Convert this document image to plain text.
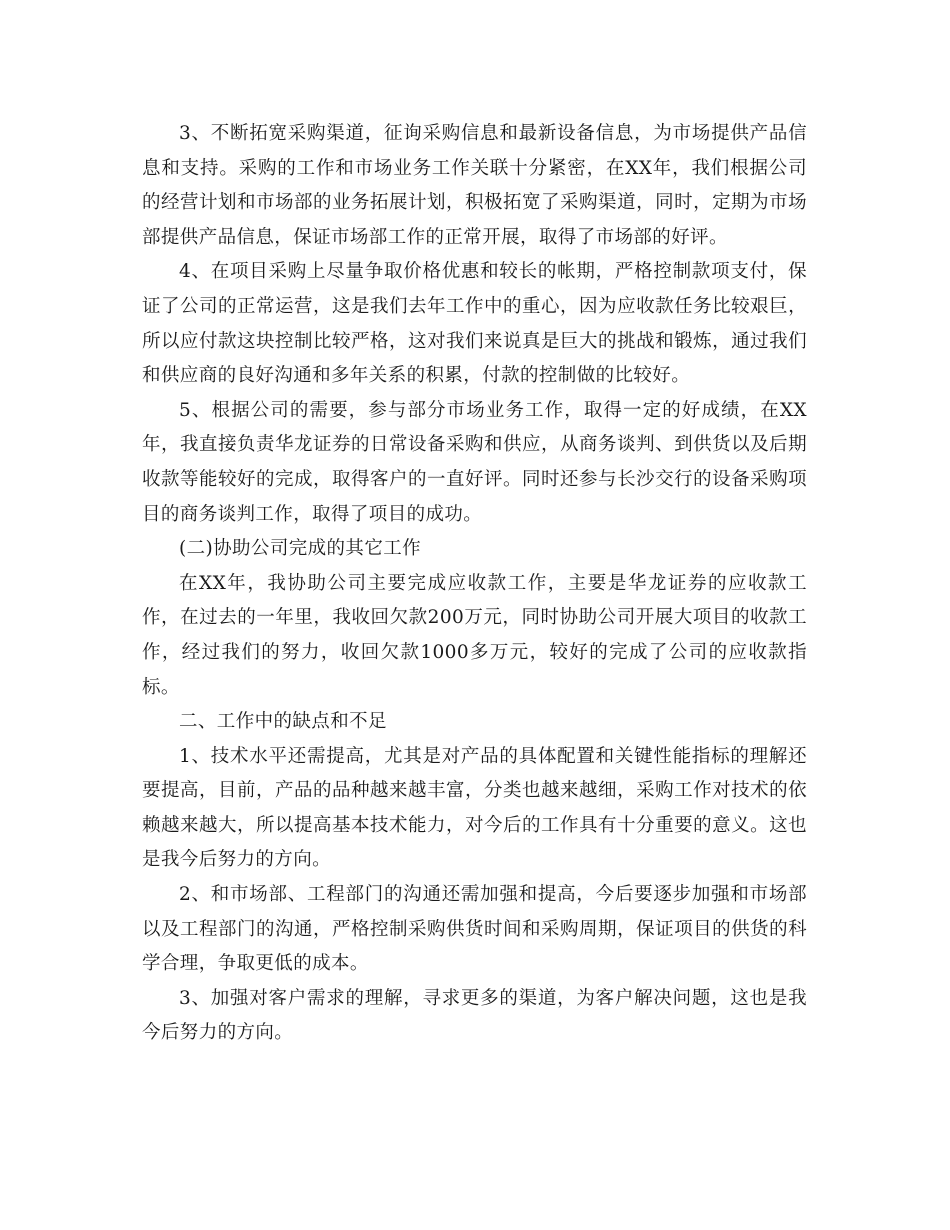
3、不断拓宽采购渠道，征询采购信息和最新设备信息，为市场提供产品信息和支持。采购的工作和市场业务工作关联十分紧密，在XX年，我们根据公司的经营计划和市场部的业务拓展计划，积极拓宽了采购渠道，同时，定期为市场部提供产品信息，保证市场部工作的正常开展，取得了市场部的好评。

4、在项目采购上尽量争取价格优惠和较长的帐期，严格控制款项支付，保证了公司的正常运营，这是我们去年工作中的重心，因为应收款任务比较艰巨，所以应付款这块控制比较严格，这对我们来说真是巨大的挑战和锻炼，通过我们和供应商的良好沟通和多年关系的积累，付款的控制做的比较好。

5、根据公司的需要，参与部分市场业务工作，取得一定的好成绩，在XX年，我直接负责华龙证券的日常设备采购和供应，从商务谈判、到供货以及后期收款等能较好的完成，取得客户的一直好评。同时还参与长沙交行的设备采购项目的商务谈判工作，取得了项目的成功。

(二)协助公司完成的其它工作

在XX年，我协助公司主要完成应收款工作，主要是华龙证券的应收款工作，在过去的一年里，我收回欠款200万元，同时协助公司开展大项目的收款工作，经过我们的努力，收回欠款1000多万元，较好的完成了公司的应收款指标。

二、工作中的缺点和不足

1、技术水平还需提高，尤其是对产品的具体配置和关键性能指标的理解还要提高，目前，产品的品种越来越丰富，分类也越来越细，采购工作对技术的依赖越来越大，所以提高基本技术能力，对今后的工作具有十分重要的意义。这也是我今后努力的方向。

2、和市场部、工程部门的沟通还需加强和提高，今后要逐步加强和市场部以及工程部门的沟通，严格控制采购供货时间和采购周期，保证项目的供货的科学合理，争取更低的成本。

3、加强对客户需求的理解，寻求更多的渠道，为客户解决问题，这也是我今后努力的方向。
